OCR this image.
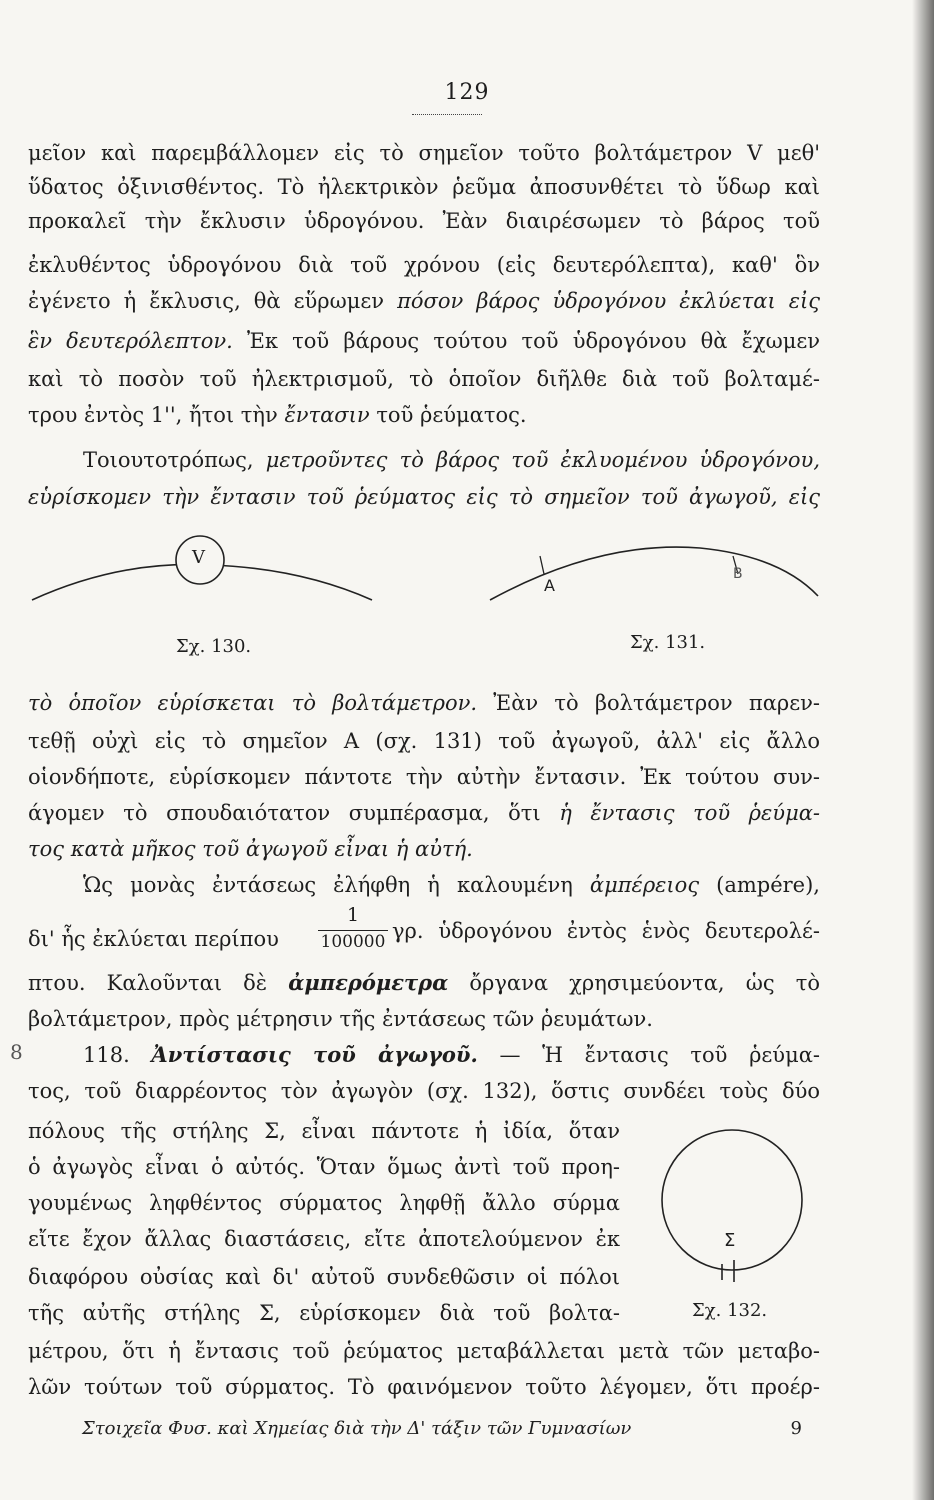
129
μεῖον καὶ παρεμβάλλομεν εἰς τὸ σημεῖον τοῦτο βολτάμετρον V μεθ'
ὕδατος ὀξινισθέντος. Τὸ ἠλεκτρικὸν ῥεῦμα ἀποσυνθέτει τὸ ὕδωρ καὶ
προκαλεῖ τὴν ἔκλυσιν ὑδρογόνου. Ἐὰν διαιρέσωμεν τὸ βάρος τοῦ
ἐκλυθέντος ὑδρογόνου διὰ τοῦ χρόνου (εἰς δευτερόλεπτα), καθ' ὃν
ἐγένετο ἡ ἔκλυσις, θὰ εὕρωμεν πόσον βάρος ὑδρογόνου ἐκλύεται εἰς
ἓν δευτερόλεπτον. Ἐκ τοῦ βάρους τούτου τοῦ ὑδρογόνου θὰ ἔχωμεν
καὶ τὸ ποσὸν τοῦ ἠλεκτρισμοῦ, τὸ ὁποῖον διῆλθε διὰ τοῦ βολταμέ-
τρου ἐντὸς 1'', ἤτοι τὴν ἔντασιν τοῦ ῥεύματος.
Τοιουτοτρόπως, μετροῦντες τὸ βάρος τοῦ ἐκλυομένου ὑδρογόνου,
εὑρίσκομεν τὴν ἔντασιν τοῦ ῥεύματος εἰς τὸ σημεῖον τοῦ ἀγωγοῦ, εἰς
V
Σχ. 130.
A
B
Σχ. 131.
τὸ ὁποῖον εὑρίσκεται τὸ βολτάμετρον. Ἐὰν τὸ βολτάμετρον παρεν-
τεθῇ οὐχὶ εἰς τὸ σημεῖον Α (σχ. 131) τοῦ ἀγωγοῦ, ἀλλ' εἰς ἄλλο
οἱονδήποτε, εὑρίσκομεν πάντοτε τὴν αὐτὴν ἔντασιν. Ἐκ τούτου συν-
άγομεν τὸ σπουδαιότατον συμπέρασμα, ὅτι ἡ ἔντασις τοῦ ῥεύμα-
τος κατὰ μῆκος τοῦ ἀγωγοῦ εἶναι ἡ αὐτή.
Ὡς μονὰς ἐντάσεως ἐλήφθη ἡ καλουμένη ἀμπέρειος (ampére),
δι' ἧς ἐκλύεται περίπου
1
100000 γρ. ὑδρογόνου ἐντὸς ἑνὸς δευτερολέ-
πτου. Καλοῦνται δὲ ἀμπερόμετρα ὄργανα χρησιμεύοντα, ὡς τὸ
βολτάμετρον, πρὸς μέτρησιν τῆς ἐντάσεως τῶν ῥευμάτων.
8	118. Ἀντίστασις τοῦ ἀγωγοῦ. — Ἡ ἔντασις τοῦ ῥεύμα-
τος, τοῦ διαρρέοντος τὸν ἀγωγὸν (σχ. 132), ὅστις συνδέει τοὺς δύο
πόλους τῆς στήλης Σ, εἶναι πάντοτε ἡ ἰδία, ὅταν
ὁ ἀγωγὸς εἶναι ὁ αὐτός. Ὅταν ὅμως ἀντὶ τοῦ προη-
γουμένως ληφθέντος σύρματος ληφθῇ ἄλλο σύρμα
εἴτε ἔχον ἄλλας διαστάσεις, εἴτε ἀποτελούμενον ἐκ
διαφόρου οὐσίας καὶ δι' αὐτοῦ συνδεθῶσιν οἱ πόλοι
τῆς αὐτῆς στήλης Σ, εὑρίσκομεν διὰ τοῦ βολτα-
μέτρου, ὅτι ἡ ἔντασις τοῦ ῥεύματος μεταβάλλεται μετὰ τῶν μεταβο-
λῶν τούτων τοῦ σύρματος. Τὸ φαινόμενον τοῦτο λέγομεν, ὅτι προέρ-
Σ
Σχ. 132.
Στοιχεῖα Φυσ. καὶ Χημείας διὰ τὴν Δ' τάξιν τῶν Γυμνασίων	9
